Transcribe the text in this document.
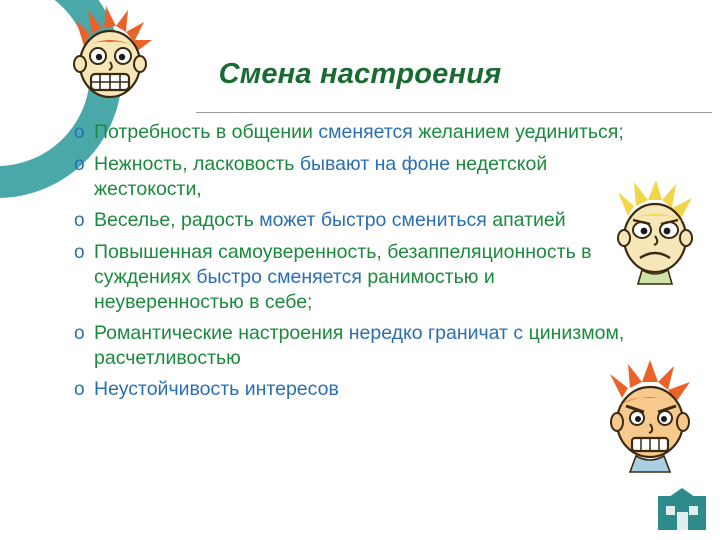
Смена настроения
o Потребность в общении сменяется желанием уединиться;
o Нежность, ласковость бывают на фоне недетской жестокости,
o Веселье, радость может быстро смениться апатией
o Повышенная самоуверенность, безаппеляционность в суждениях быстро сменяется ранимостью и неуверенностью в себе;
o Романтические настроения нередко граничат с цинизмом, расчетливостью
o Неустойчивость интересов
